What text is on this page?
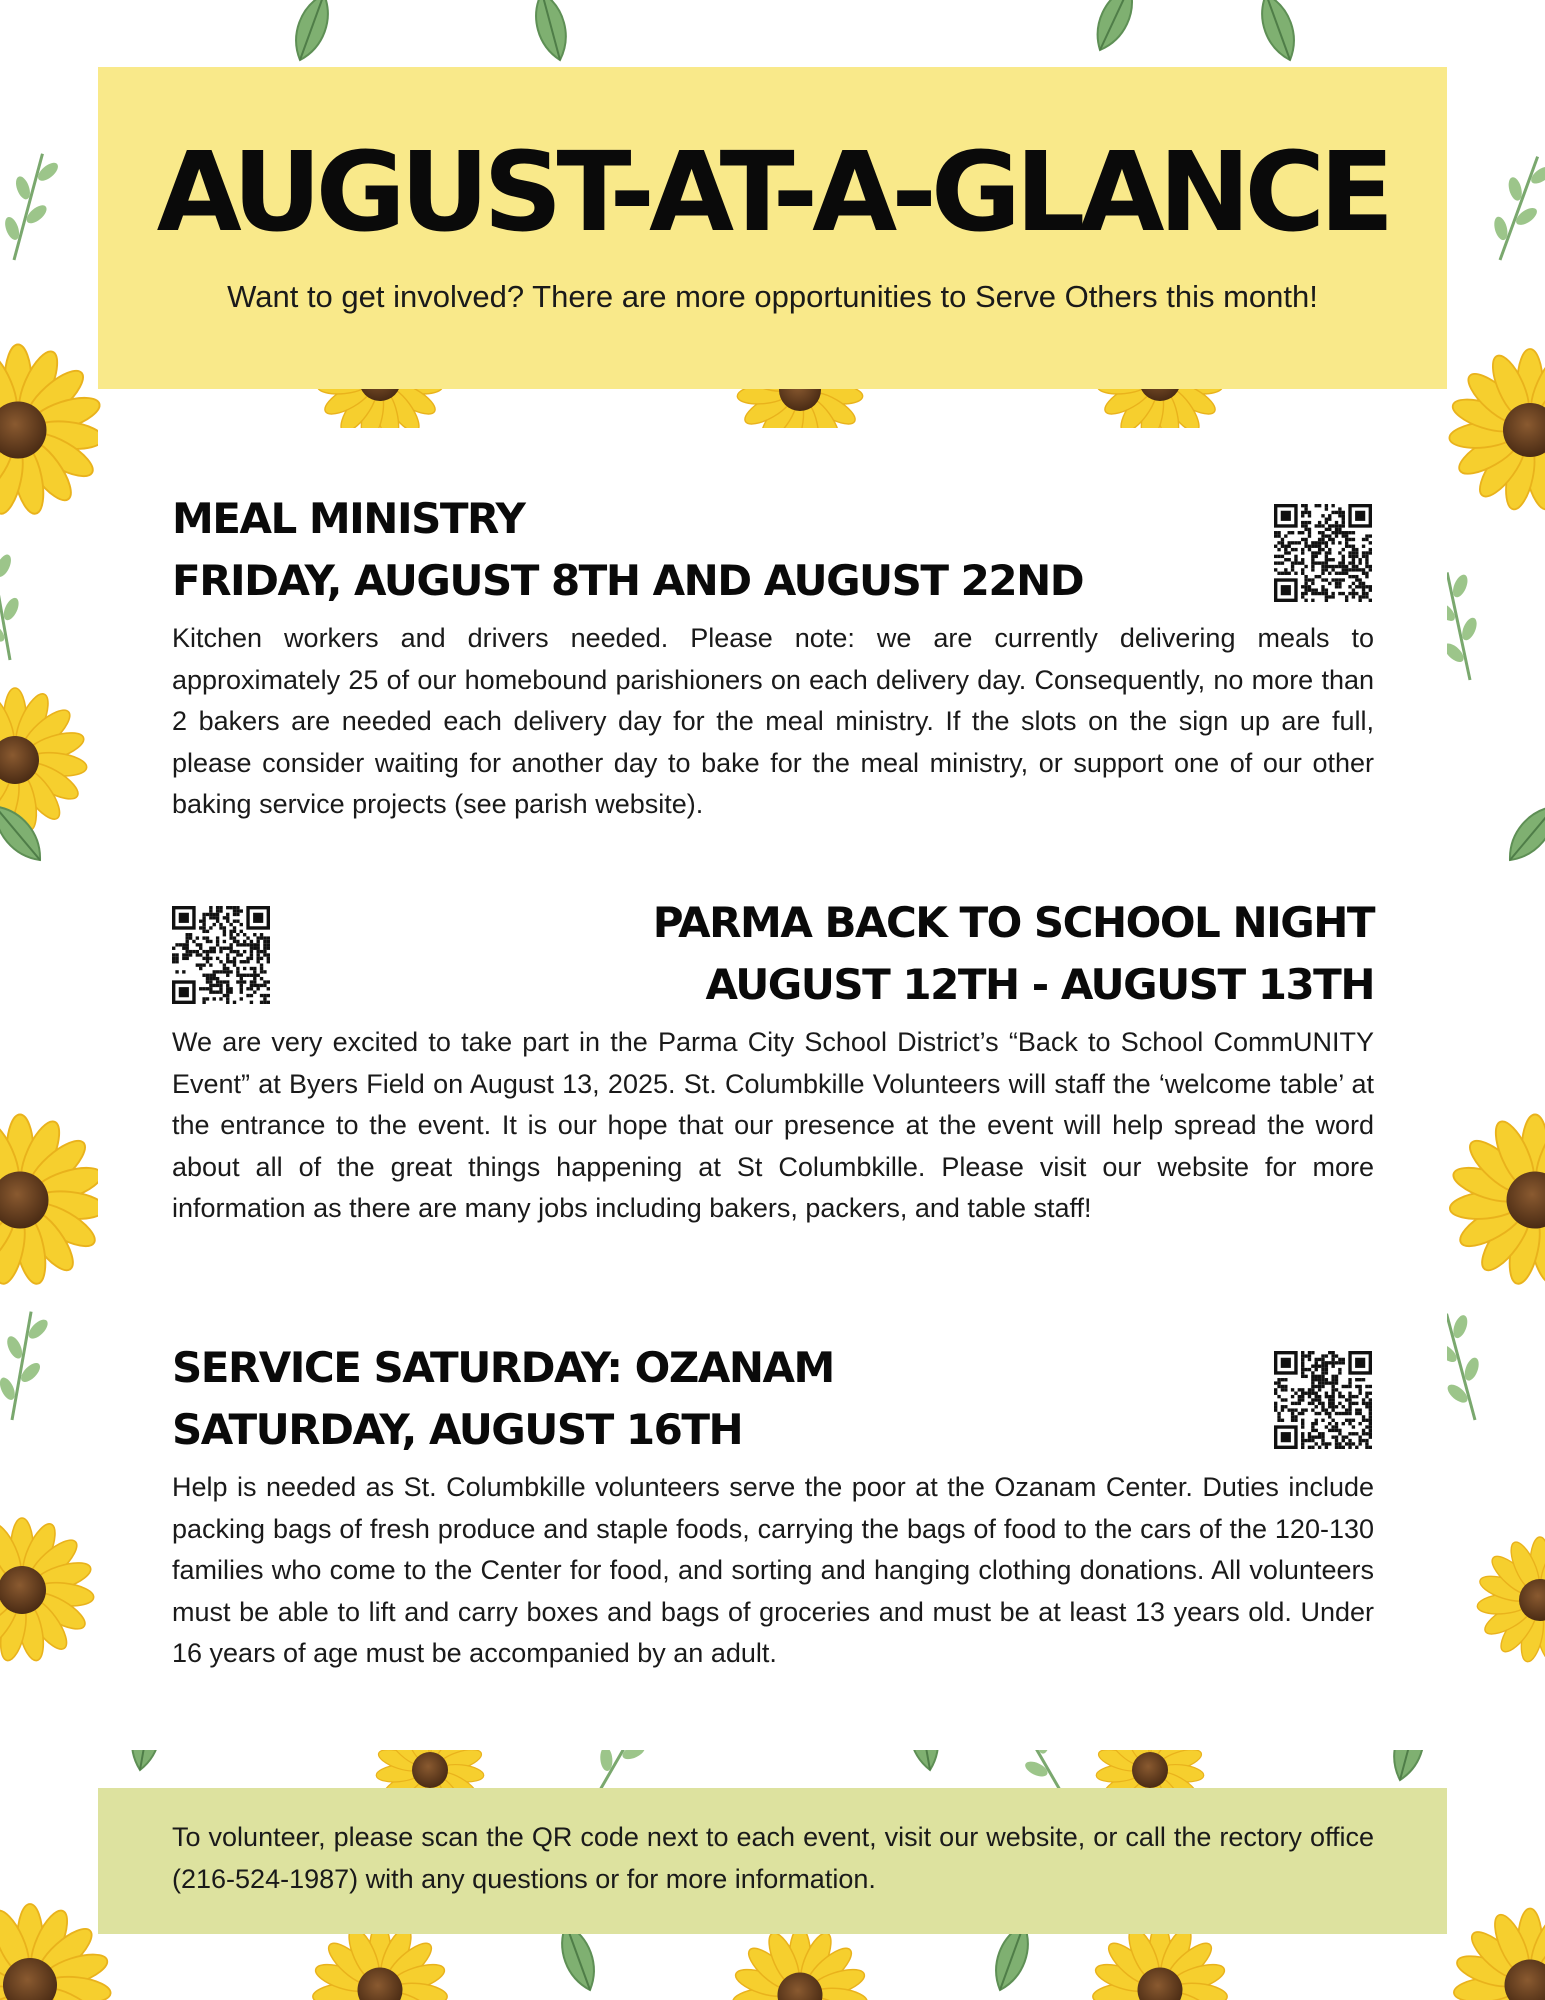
AUGUST-AT-A-GLANCE
Want to get involved? There are more opportunities to Serve Others this month!
MEAL MINISTRY
FRIDAY, AUGUST 8TH AND AUGUST 22ND
Kitchen workers and drivers needed. Please note: we are currently delivering meals to approximately 25 of our homebound parishioners on each delivery day. Consequently, no more than 2 bakers are needed each delivery day for the meal ministry. If the slots on the sign up are full, please consider waiting for another day to bake for the meal ministry, or support one of our other baking service projects (see parish website).
PARMA BACK TO SCHOOL NIGHT
AUGUST 12TH - AUGUST 13TH
We are very excited to take part in the Parma City School District’s “Back to School CommUNITY Event” at Byers Field on August 13, 2025. St. Columbkille Volunteers will staff the ‘welcome table’ at the entrance to the event. It is our hope that our presence at the event will help spread the word about all of the great things happening at St Columbkille. Please visit our website for more information as there are many jobs including bakers, packers, and table staff!
SERVICE SATURDAY: OZANAM
SATURDAY, AUGUST 16TH
Help is needed as St. Columbkille volunteers serve the poor at the Ozanam Center. Duties include packing bags of fresh produce and staple foods, carrying the bags of food to the cars of the 120-130 families who come to the Center for food, and sorting and hanging clothing donations. All volunteers must be able to lift and carry boxes and bags of groceries and must be at least 13 years old. Under 16 years of age must be accompanied by an adult.
To volunteer, please scan the QR code next to each event, visit our website, or call the rectory office (216-524-1987) with any questions or for more information.
